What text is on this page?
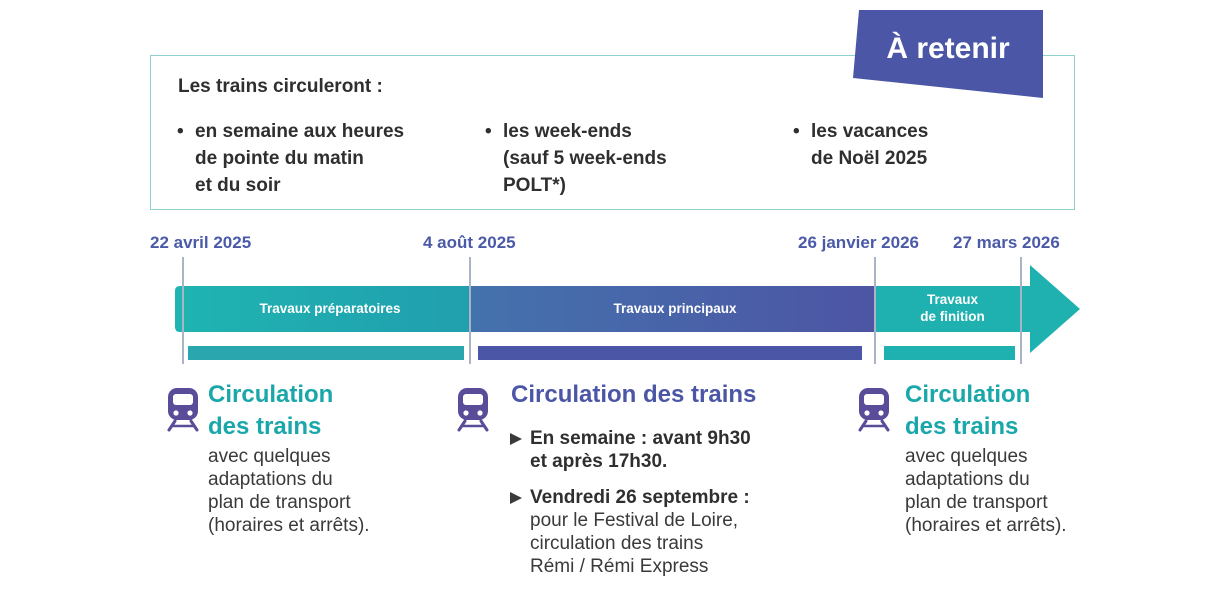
À retenir
Les trains circuleront :
• en semaine aux heures
de pointe du matin
et du soir
• les week-ends
(sauf 5 week-ends
POLT*)
• les vacances
de Noël 2025
22 avril 2025	4 août 2025	26 janvier 2026 27 mars 2026
Travaux préparatoires	Travaux principaux
Travaux
de finition
Circulation
des trains
avec quelques
adaptations du
plan de transport
(horaires et arrêts).
Circulation des trains
En semaine : avant 9h30
et après 17h30.
Vendredi 26 septembre :
pour le Festival de Loire,
circulation des trains
Rémi / Rémi Express
Circulation
des trains
avec quelques
adaptations du
plan de transport
(horaires et arrêts).
